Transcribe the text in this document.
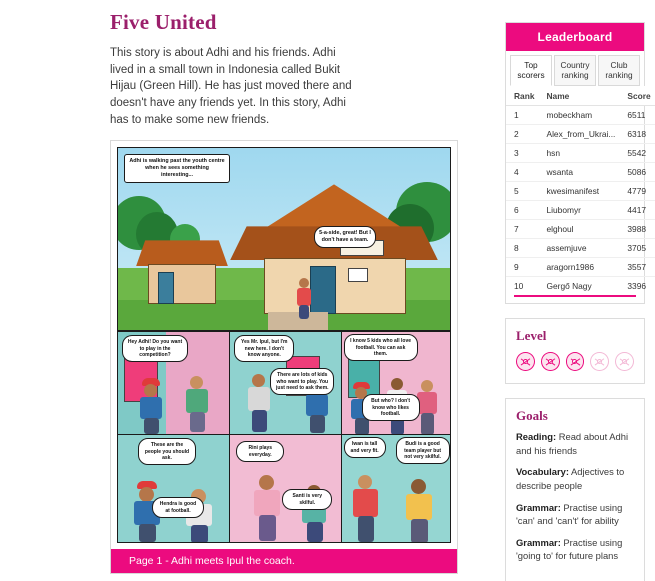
Five United

This story is about Adhi and his friends. Adhi lived in a small town in Indonesia called Bukit Hijau (Green Hill). He has just moved there and doesn't have any friends yet. In this story, Adhi has to make some new friends.

Adhi is walking past the youth centre when he sees something interesting...
5-a-side, great! But I don't have a team.
Hey Adhi! Do you want to play in the competition?
Yes Mr. Ipul, but I'm new here. I don't know anyone.
There are lots of kids who want to play. You just need to ask them.
I know 5 kids who all love football. You can ask them.
But who? I don't know who likes football.
These are the people you should ask.
Hendra is good at football.
Rini plays everyday.
Santi is very skilful.
Iwan is tall and very fit.
Budi is a good team player but not very skilful.
Page 1 - Adhi meets Ipul the coach.
Leaderboard
Top scorers
Country ranking
Club ranking
Rank	Name	Score
1	mobeckham	6511
2	Alex_from_Ukrai...	6318
3	hsn	5542
4	wsanta	5086
5	kwesimanifest	4779
6	Liubomyr	4417
7	elghoul	3988
8	assemjuve	3705
9	aragorn1986	3557
10	Gergő Nagy	3396
Level
Goals
Reading: Read about Adhi and his friends
Vocabulary: Adjectives to describe people
Grammar: Practise using 'can' and 'can't' for ability
Grammar: Practise using 'going to' for future plans
